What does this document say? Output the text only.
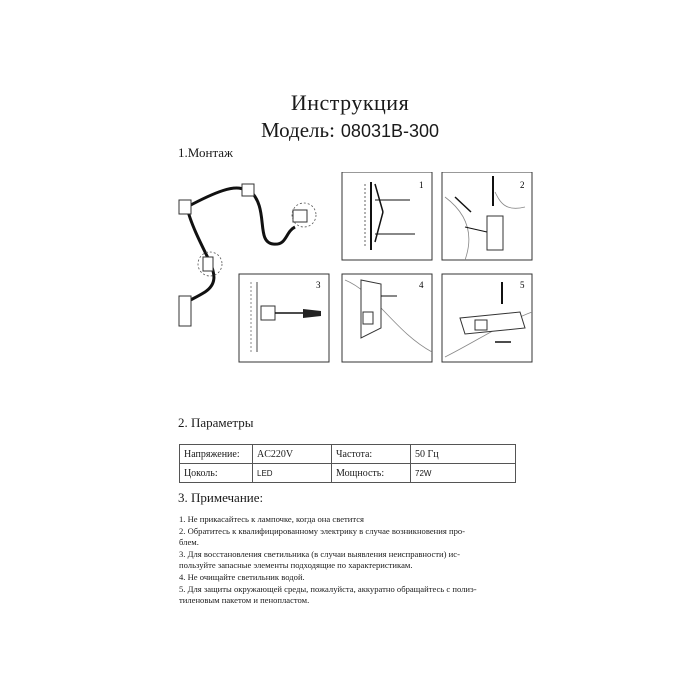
Инструкция
Модель: 08031B-300
1.Монтаж
1	2
3	4	5
2. Параметры
Напряжение:	AC220V	Частота:	50 Гц
Цоколь:	LED	Мощность:	72W
3. Примечание:
1. Не прикасайтесь к лампочке, когда она светится
2. Обратитесь к квалифицированному электрику в случае возникновения про-
блем.
3. Для восстановления светильника (в случаи выявления неисправности) ис-
пользуйте запасные элементы подходящие по характеристикам.
4. Не очищайте светильник водой.
5. Для защиты окружающей среды, пожалуйста, аккуратно обращайтесь с полиэ-
тиленовым пакетом и пенопластом.
